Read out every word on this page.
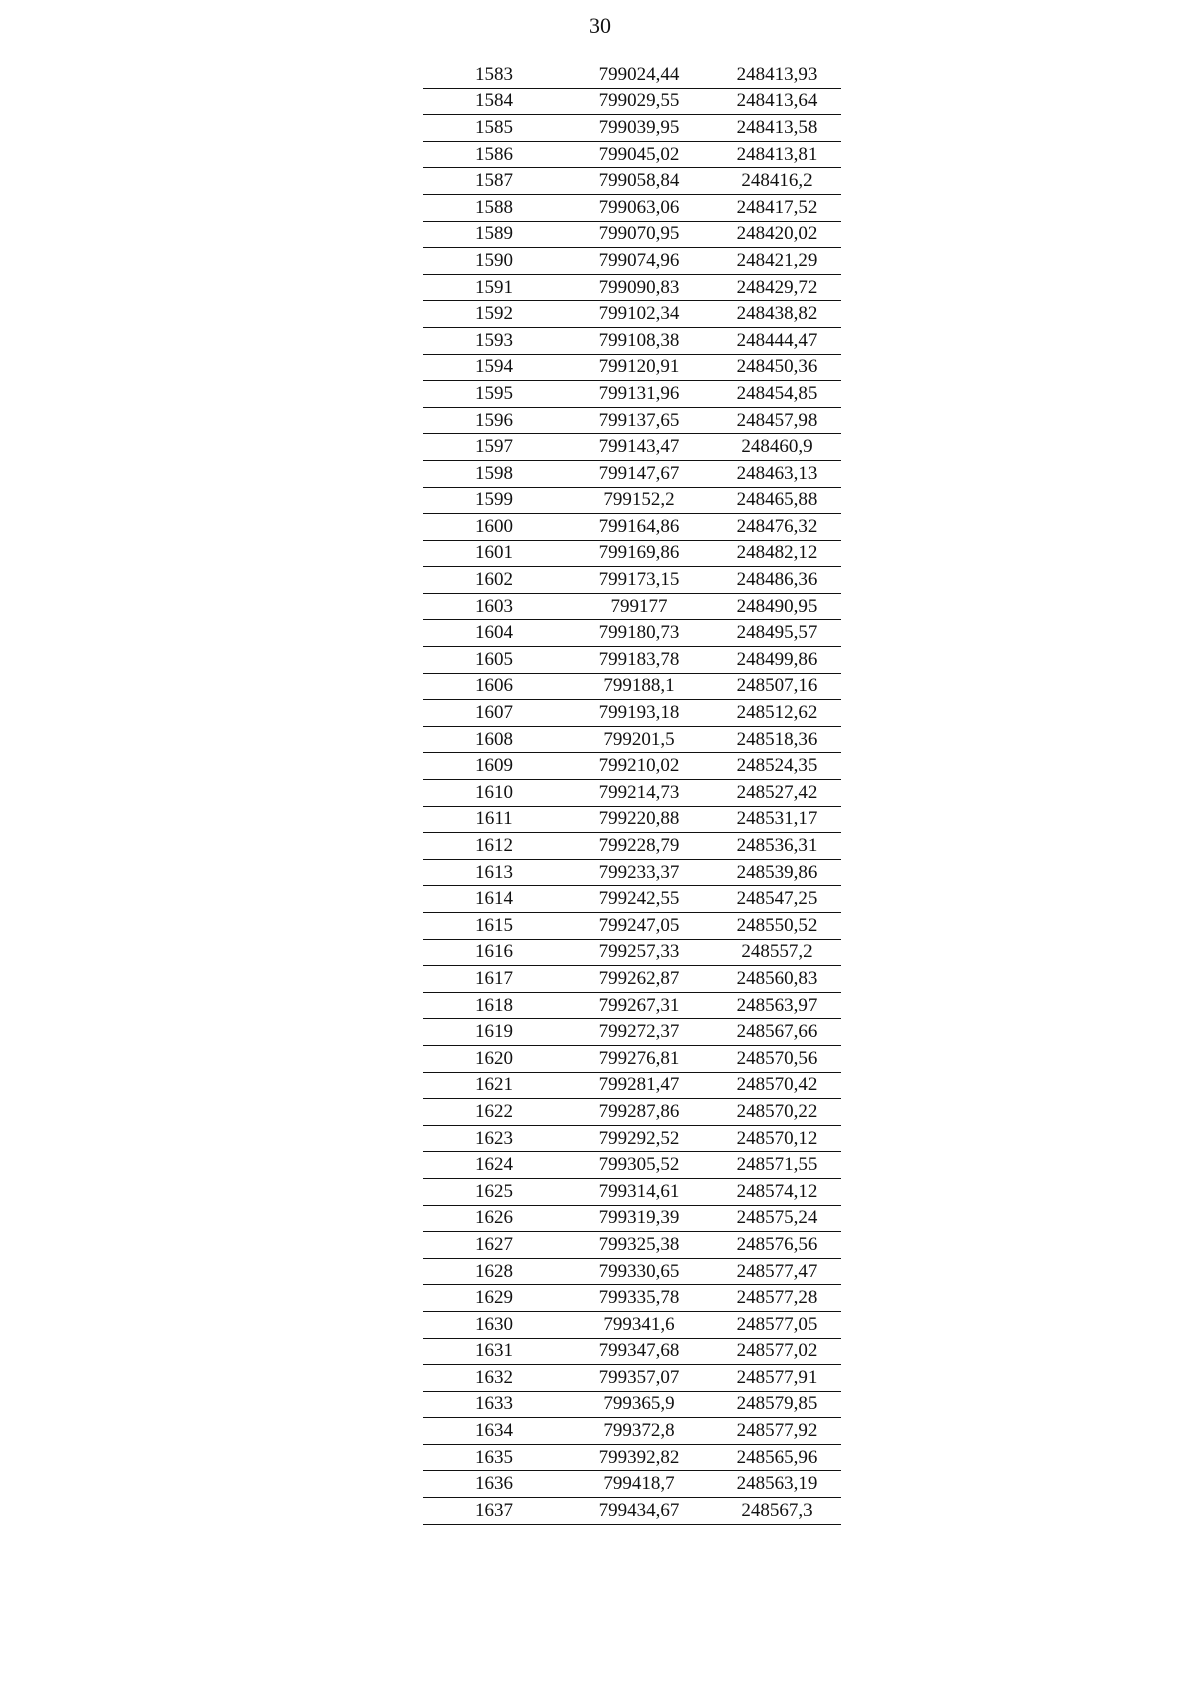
30
1583	799024,44	248413,93
1584	799029,55	248413,64
1585	799039,95	248413,58
1586	799045,02	248413,81
1587	799058,84	248416,2
1588	799063,06	248417,52
1589	799070,95	248420,02
1590	799074,96	248421,29
1591	799090,83	248429,72
1592	799102,34	248438,82
1593	799108,38	248444,47
1594	799120,91	248450,36
1595	799131,96	248454,85
1596	799137,65	248457,98
1597	799143,47	248460,9
1598	799147,67	248463,13
1599	799152,2	248465,88
1600	799164,86	248476,32
1601	799169,86	248482,12
1602	799173,15	248486,36
1603	799177	248490,95
1604	799180,73	248495,57
1605	799183,78	248499,86
1606	799188,1	248507,16
1607	799193,18	248512,62
1608	799201,5	248518,36
1609	799210,02	248524,35
1610	799214,73	248527,42
1611	799220,88	248531,17
1612	799228,79	248536,31
1613	799233,37	248539,86
1614	799242,55	248547,25
1615	799247,05	248550,52
1616	799257,33	248557,2
1617	799262,87	248560,83
1618	799267,31	248563,97
1619	799272,37	248567,66
1620	799276,81	248570,56
1621	799281,47	248570,42
1622	799287,86	248570,22
1623	799292,52	248570,12
1624	799305,52	248571,55
1625	799314,61	248574,12
1626	799319,39	248575,24
1627	799325,38	248576,56
1628	799330,65	248577,47
1629	799335,78	248577,28
1630	799341,6	248577,05
1631	799347,68	248577,02
1632	799357,07	248577,91
1633	799365,9	248579,85
1634	799372,8	248577,92
1635	799392,82	248565,96
1636	799418,7	248563,19
1637	799434,67	248567,3
